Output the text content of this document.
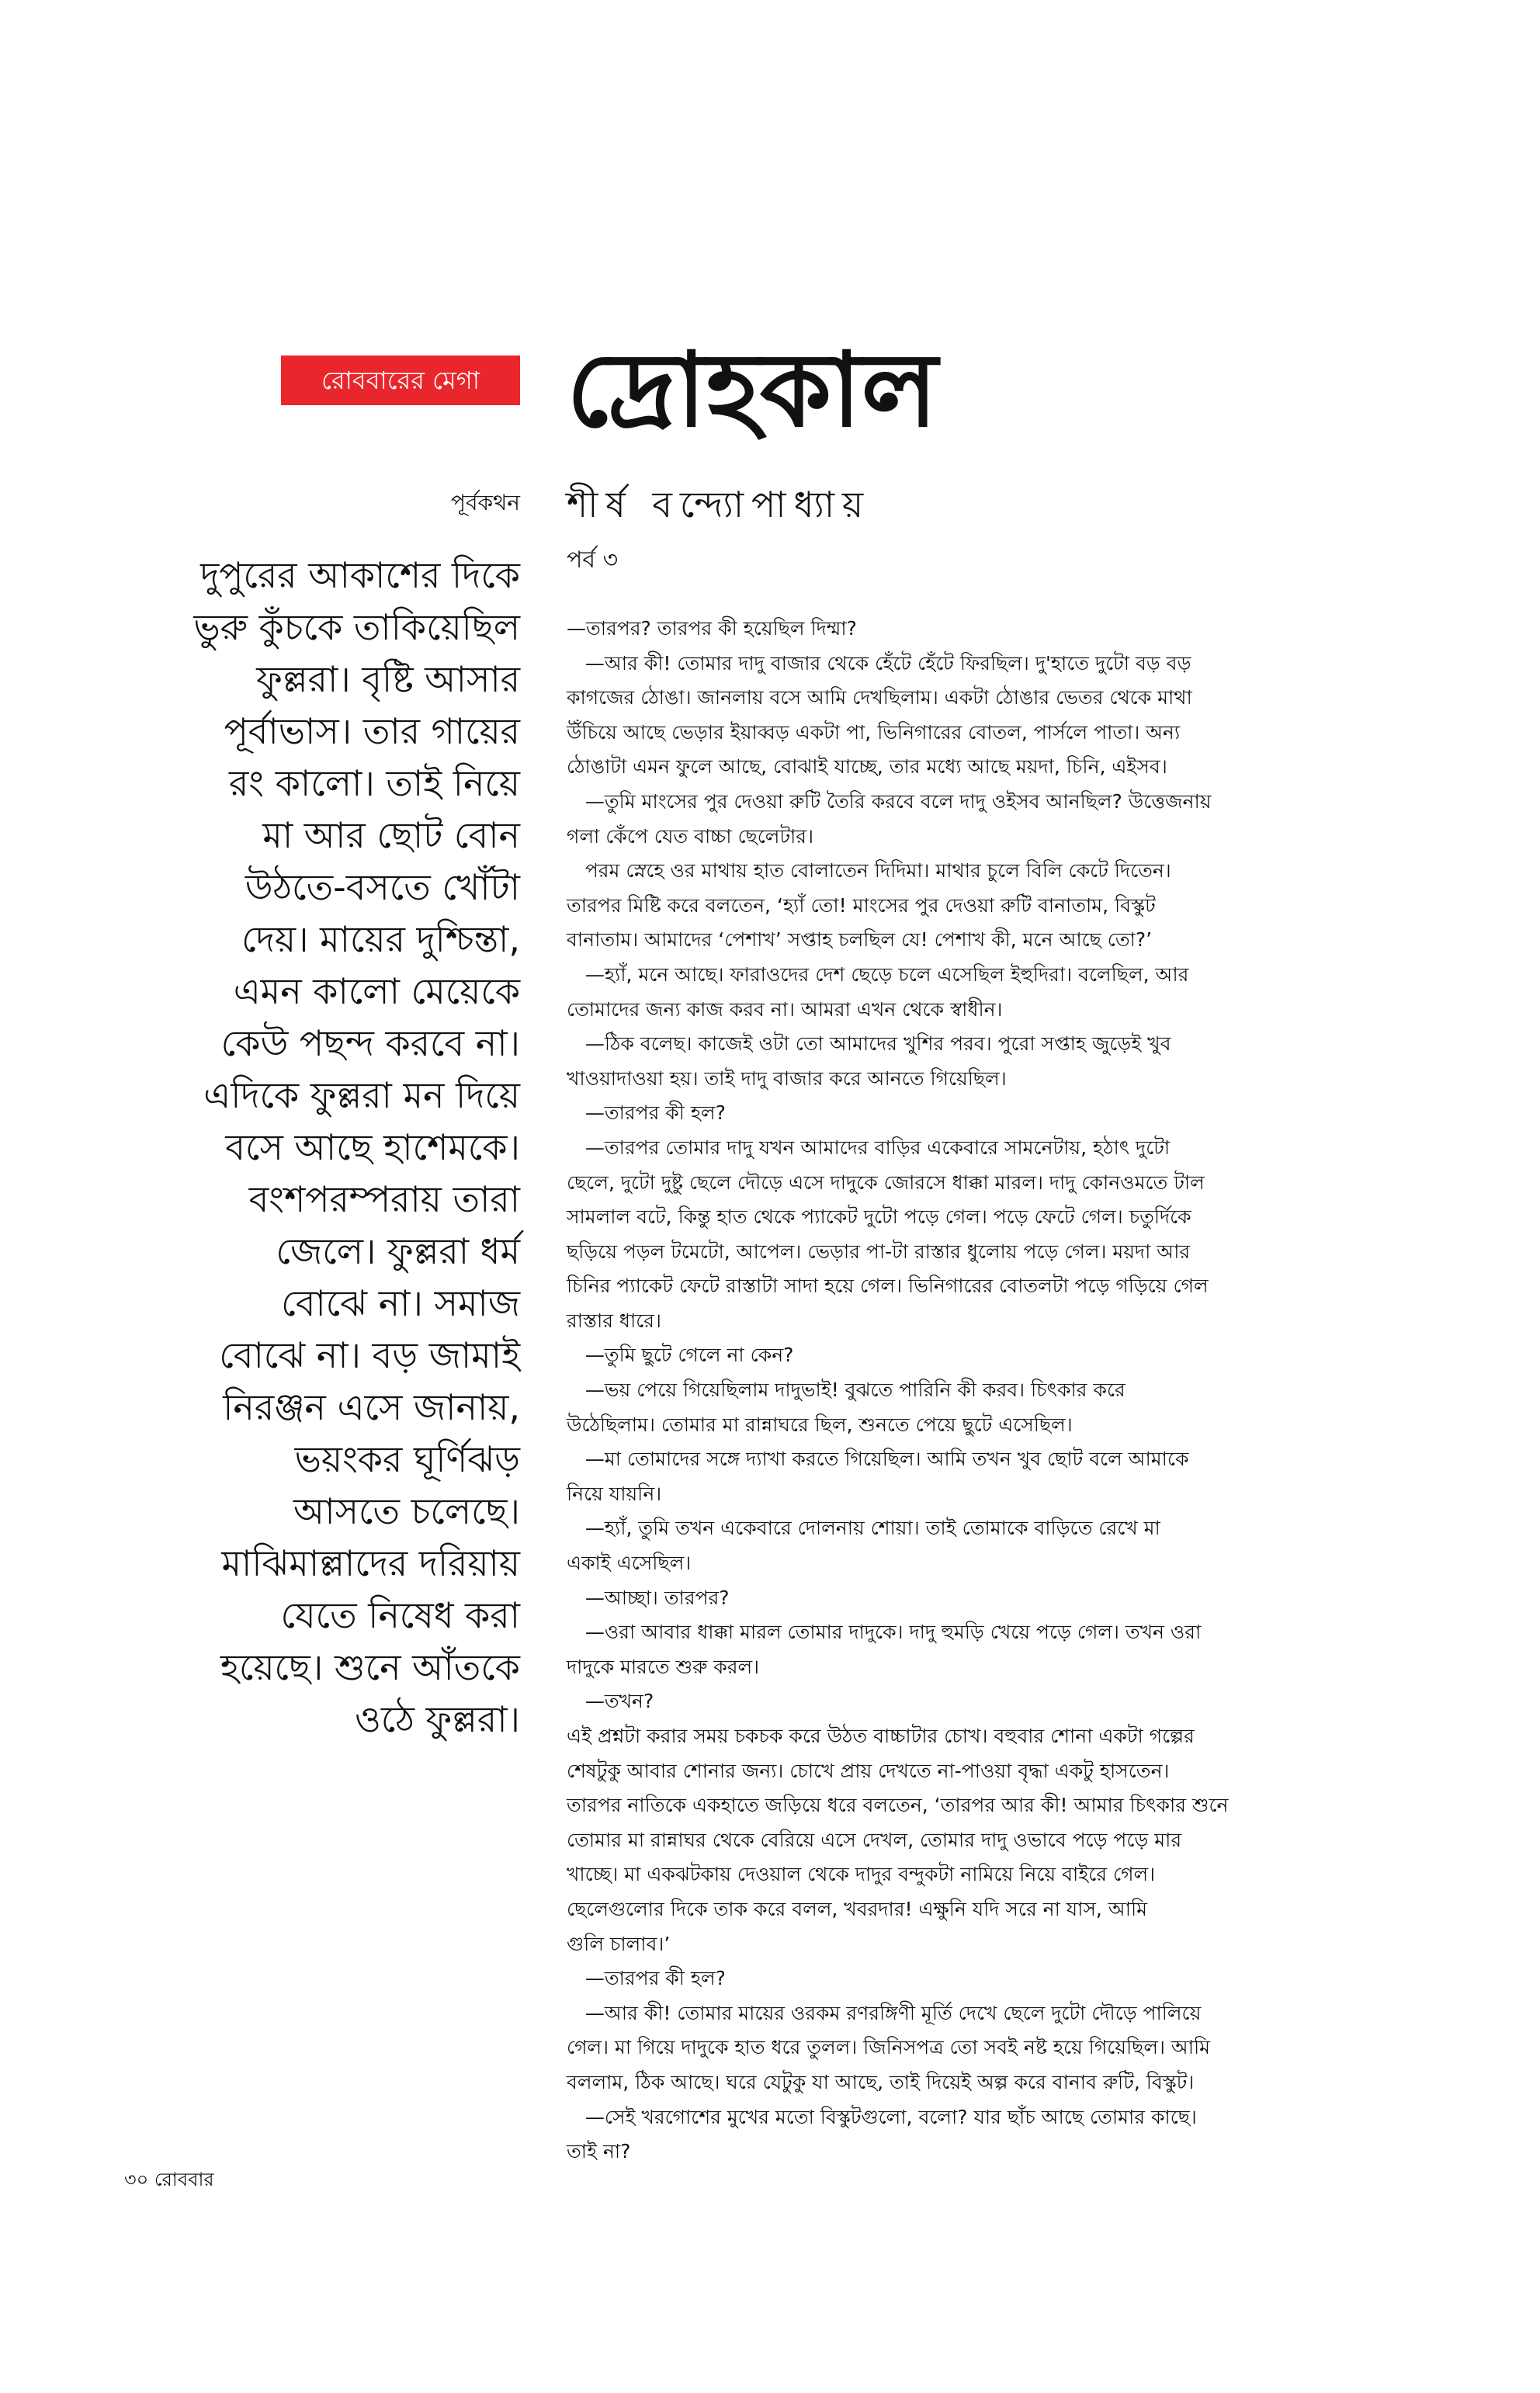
রোববারের মেগা দ্রোহকাল
শীর্ষ বন্দ্যোপাধ্যায়
পর্ব ৩
পূর্বকথন
দুপুরের আকাশের দিকে
ভুরু কুঁচকে তাকিয়েছিল
ফুল্লরা। বৃষ্টি আসার
পূর্বাভাস। তার গায়ের
রং কালো। তাই নিয়ে
মা আর ছোট বোন
উঠতে-বসতে খোঁটা
দেয়। মায়ের দুশ্চিন্তা,
এমন কালো মেয়েকে
কেউ পছন্দ করবে না।
এদিকে ফুল্লরা মন দিয়ে
বসে আছে হাশেমকে।
বংশপরম্পরায় তারা
জেলে। ফুল্লরা ধর্ম
বোঝে না। সমাজ
বোঝে না। বড় জামাই
নিরঞ্জন এসে জানায়,
ভয়ংকর ঘূর্ণিঝড়
আসতে চলেছে।
মাঝিমাল্লাদের দরিয়ায়
যেতে নিষেধ করা
হয়েছে। শুনে আঁতকে
ওঠে ফুল্লরা।
—তারপর? তারপর কী হয়েছিল দিম্মা?
—আর কী! তোমার দাদু বাজার থেকে হেঁটে হেঁটে ফিরছিল। দু'হাতে দুটো বড় বড়
কাগজের ঠোঙা। জানলায় বসে আমি দেখছিলাম। একটা ঠোঙার ভেতর থেকে মাথা
উঁচিয়ে আছে ভেড়ার ইয়াব্বড় একটা পা, ভিনিগারের বোতল, পার্সলে পাতা। অন্য
ঠোঙাটা এমন ফুলে আছে, বোঝাই যাচ্ছে, তার মধ্যে আছে ময়দা, চিনি, এইসব।
—তুমি মাংসের পুর দেওয়া রুটি তৈরি করবে বলে দাদু ওইসব আনছিল? উত্তেজনায়
গলা কেঁপে যেত বাচ্চা ছেলেটার।
পরম স্নেহে ওর মাথায় হাত বোলাতেন দিদিমা। মাথার চুলে বিলি কেটে দিতেন।
তারপর মিষ্টি করে বলতেন, ‘হ্যাঁ তো! মাংসের পুর দেওয়া রুটি বানাতাম, বিস্কুট
বানাতাম। আমাদের ‘পেশাখ’ সপ্তাহ চলছিল যে! পেশাখ কী, মনে আছে তো?’
—হ্যাঁ, মনে আছে। ফারাওদের দেশ ছেড়ে চলে এসেছিল ইহুদিরা। বলেছিল, আর
তোমাদের জন্য কাজ করব না। আমরা এখন থেকে স্বাধীন।
—ঠিক বলেছ। কাজেই ওটা তো আমাদের খুশির পরব। পুরো সপ্তাহ জুড়েই খুব
খাওয়াদাওয়া হয়। তাই দাদু বাজার করে আনতে গিয়েছিল।
—তারপর কী হল?
—তারপর তোমার দাদু যখন আমাদের বাড়ির একেবারে সামনেটায়, হঠাৎ দুটো
ছেলে, দুটো দুষ্টু ছেলে দৌড়ে এসে দাদুকে জোরসে ধাক্কা মারল। দাদু কোনওমতে টাল
সামলাল বটে, কিন্তু হাত থেকে প্যাকেট দুটো পড়ে গেল। পড়ে ফেটে গেল। চতুর্দিকে
ছড়িয়ে পড়ল টমেটো, আপেল। ভেড়ার পা-টা রাস্তার ধুলোয় পড়ে গেল। ময়দা আর
চিনির প্যাকেট ফেটে রাস্তাটা সাদা হয়ে গেল। ভিনিগারের বোতলটা পড়ে গড়িয়ে গেল
রাস্তার ধারে।
—তুমি ছুটে গেলে না কেন?
—ভয় পেয়ে গিয়েছিলাম দাদুভাই! বুঝতে পারিনি কী করব। চিৎকার করে
উঠেছিলাম। তোমার মা রান্নাঘরে ছিল, শুনতে পেয়ে ছুটে এসেছিল।
—মা তোমাদের সঙ্গে দ্যাখা করতে গিয়েছিল। আমি তখন খুব ছোট বলে আমাকে
নিয়ে যায়নি।
—হ্যাঁ, তুমি তখন একেবারে দোলনায় শোয়া। তাই তোমাকে বাড়িতে রেখে মা
একাই এসেছিল।
—আচ্ছা। তারপর?
—ওরা আবার ধাক্কা মারল তোমার দাদুকে। দাদু হুমড়ি খেয়ে পড়ে গেল। তখন ওরা
দাদুকে মারতে শুরু করল।
—তখন?
এই প্রশ্নটা করার সময় চকচক করে উঠত বাচ্চাটার চোখ। বহুবার শোনা একটা গল্পের
শেষটুকু আবার শোনার জন্য। চোখে প্রায় দেখতে না-পাওয়া বৃদ্ধা একটু হাসতেন।
তারপর নাতিকে একহাতে জড়িয়ে ধরে বলতেন, ‘তারপর আর কী! আমার চিৎকার শুনে
তোমার মা রান্নাঘর থেকে বেরিয়ে এসে দেখল, তোমার দাদু ওভাবে পড়ে পড়ে মার
খাচ্ছে। মা একঝটকায় দেওয়াল থেকে দাদুর বন্দুকটা নামিয়ে নিয়ে বাইরে গেল।
ছেলেগুলোর দিকে তাক করে বলল, খবরদার! এক্ষুনি যদি সরে না যাস, আমি
গুলি চালাব।’
—তারপর কী হল?
—আর কী! তোমার মায়ের ওরকম রণরঙ্গিণী মূর্তি দেখে ছেলে দুটো দৌড়ে পালিয়ে
গেল। মা গিয়ে দাদুকে হাত ধরে তুলল। জিনিসপত্র তো সবই নষ্ট হয়ে গিয়েছিল। আমি
বললাম, ঠিক আছে। ঘরে যেটুকু যা আছে, তাই দিয়েই অল্প করে বানাব রুটি, বিস্কুট।
—সেই খরগোশের মুখের মতো বিস্কুটগুলো, বলো? যার ছাঁচ আছে তোমার কাছে।
তাই না?
৩০ রোববার
